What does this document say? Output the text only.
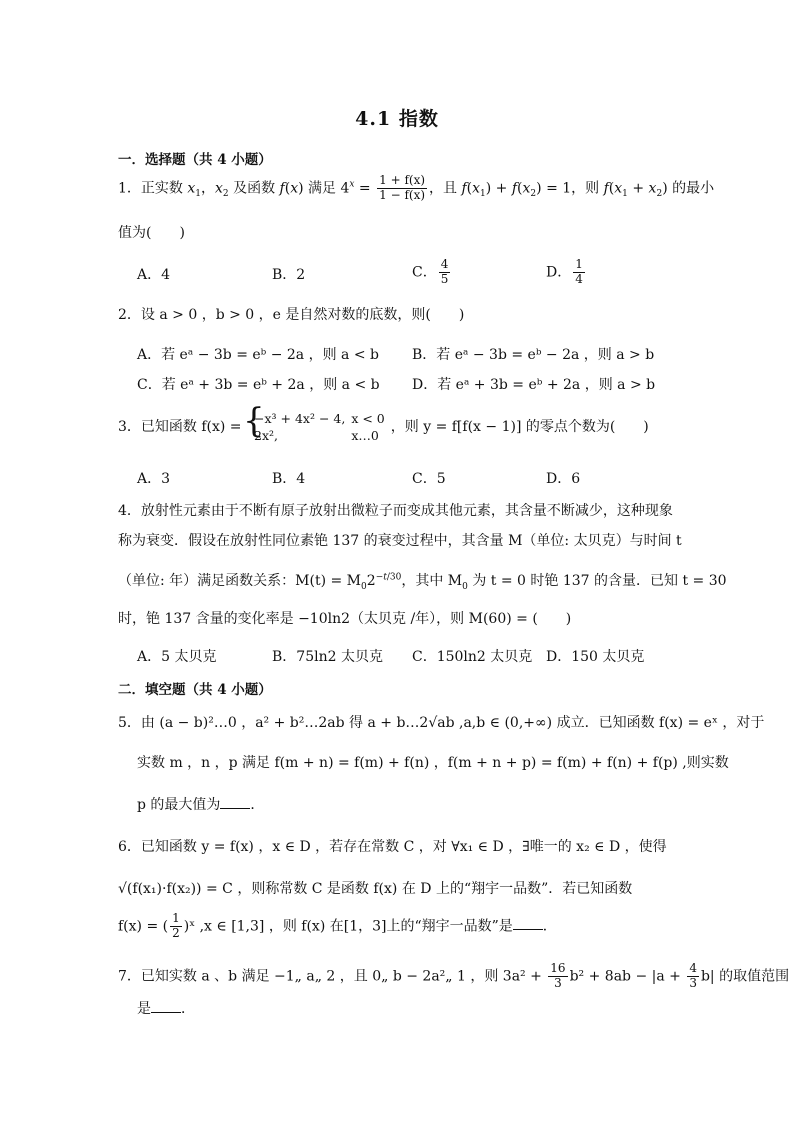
4.1 指数
一．选择题（共 4 小题）
1．正实数 $x_1$，$x_2$ 及函数 f(x) 满足 $4^x = \frac{1 + f(x)}{1 - f(x)}$ ，且 $f(x_1) + f(x_2) = 1$，则 $f(x_1 + x_2)$ 的最小
值为(　　)
A．4	B．2	C． $\frac{4}{5}$	D． $\frac{1}{4}$
2．设 a > 0 ，b > 0 ，e 是自然对数的底数，则(　　)
A．若 eᵃ − 3b = eᵇ − 2a ，则 a < b B．若 eᵃ − 3b = eᵇ − 2a ，则 a > b
C．若 eᵃ + 3b = eᵇ + 2a ，则 a < b D．若 eᵃ + 3b = eᵇ + 2a ，则 a > b
3．已知函数 f(x) =
{ −x³ + 4x² − 4,	x < 0
2x²,	x…0
，则 y = f[f(x − 1)] 的零点个数为(　　)
A．3	B．4	C．5	D．6
4．放射性元素由于不断有原子放射出微粒子而变成其他元素，其含量不断减少，这种现象
称为衰变．假设在放射性同位素铯 137 的衰变过程中，其含量 M（单位: 太贝克）与时间 t
（单位: 年）满足函数关系：$M(t) = M_02^{-t/30}$，其中 $M_0$ 为 t = 0 时铯 137 的含量．已知 t = 30
时，铯 137 含量的变化率是 −10ln2（太贝克 /年），则 M(60) = (　　)
A．5 太贝克	B．75ln2 太贝克 C．150ln2 太贝克 D．150 太贝克
二．填空题（共 4 小题）
5．由 (a − b)²…0 ，a² + b²…2ab 得 a + b…2√ab ,a,b ∈ (0,+∞) 成立．已知函数 f(x) = eˣ ，对于
实数 m ，n ，p 满足 f(m + n) = f(m) + f(n) ，f(m + n + p) = f(m) + f(n) + f(p) ,则实数
p 的最大值为 ．
6．已知函数 y = f(x) ，x ∈ D ，若存在常数 C ，对 ∀x₁ ∈ D ，∃唯一的 x₂ ∈ D ，使得
√(f(x₁)·f(x₂)) = C ，则称常数 C 是函数 f(x) 在 D 上的“翔宇一品数”．若已知函数
f(x) = ( $\frac{1}{2}$ )ˣ ,x ∈ [1,3] ，则 f(x) 在[1，3]上的“翔宇一品数”是 ．
7．已知实数 a 、b 满足 −1„ a„ 2 ，且 0„ b − 2a²„ 1 ，则 $3a^2 + \frac{16}{3} b^2 + 8ab - |a + \frac{4}{3} b|$ 的取值范围
是 ．
